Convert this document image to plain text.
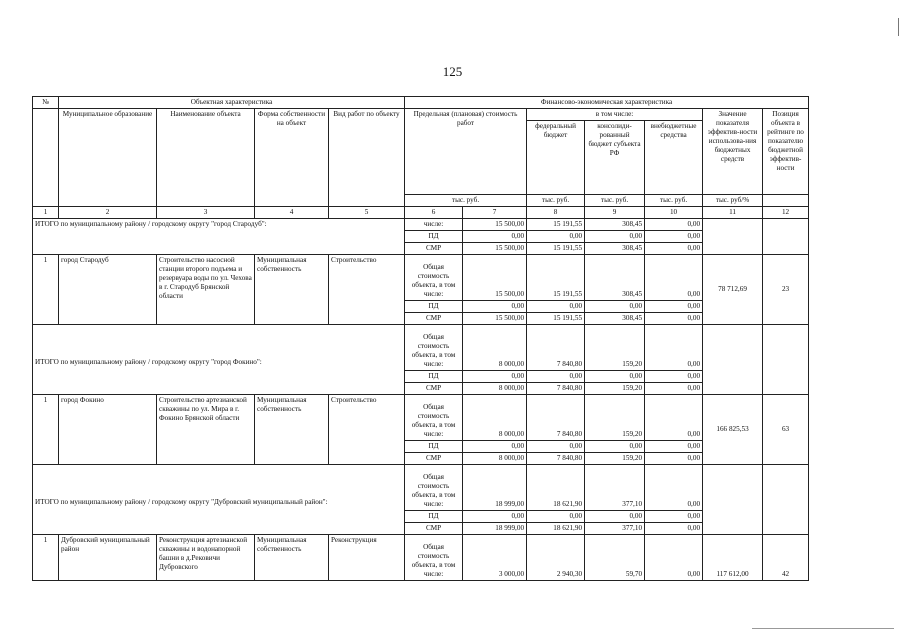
125
№	Объектная характеристика				Финансово-экономическая характеристика						
	Муниципальное образование	Наименование объекта	Форма собственности на объект	Вид работ по объекту	Предельная (плановая) стоимость работ		в том числе:			Значение показателя эффектив-ности использова-ния бюджетных средств	Позиция объекта в рейтинге по показателю бюджетной эффектив-ности
							федеральный бюджет	консолиди-рованный бюджет субъекта РФ	внебюджетные средства		
					тыс. руб.		тыс. руб.	тыс. руб.	тыс. руб.	тыс. руб/%	
1	2	3	4	5	6	7	8	9	10	11	12
ИТОГО по муниципальному району / городскому округу "город Стародуб":					числе:	15 500,00	15 191,55	308,45	0,00		
					ПД	0,00	0,00	0,00	0,00		
					СМР	15 500,00	15 191,55	308,45	0,00		
1	город Стародуб	Строительство насосной станции второго подъема и резервуара воды по ул. Чехова в г. Стародуб Брянской области	Муниципальная собственность	Строительство	Общая стоимость объекта, в том числе:	15 500,00	15 191,55	308,45	0,00	78 712,69	23
					ПД	0,00	0,00	0,00	0,00		
					СМР	15 500,00	15 191,55	308,45	0,00		

ИТОГО по муниципальному району / городскому округу "город Фокино":					Общая стоимость объекта, в том числе:	8 000,00	7 840,80	159,20	0,00		
					ПД	0,00	0,00	0,00	0,00		
					СМР	8 000,00	7 840,80	159,20	0,00		
1	город Фокино	Строительство артезианской скважины по ул. Мира в г. Фокино Брянской области	Муниципальная собственность	Строительство	Общая стоимость объекта, в том числе:	8 000,00	7 840,80	159,20	0,00	166 825,53	63
					ПД	0,00	0,00	0,00	0,00		
					СМР	8 000,00	7 840,80	159,20	0,00		

ИТОГО по муниципальному району / городскому округу "Дубровский муниципальный район":					Общая стоимость объекта, в том числе:	18 999,00	18 621,90	377,10	0,00		
					ПД	0,00	0,00	0,00	0,00		
					СМР	18 999,00	18 621,90	377,10	0,00		
1	Дубровский муниципальный район	Реконструкция артезианской скважины и водонапорной башни в д.Рековичи Дубровского	Муниципальная собственность	Реконструкция	Общая стоимость объекта, в том числе:	3 000,00	2 940,30	59,70	0,00	117 612,00	42
